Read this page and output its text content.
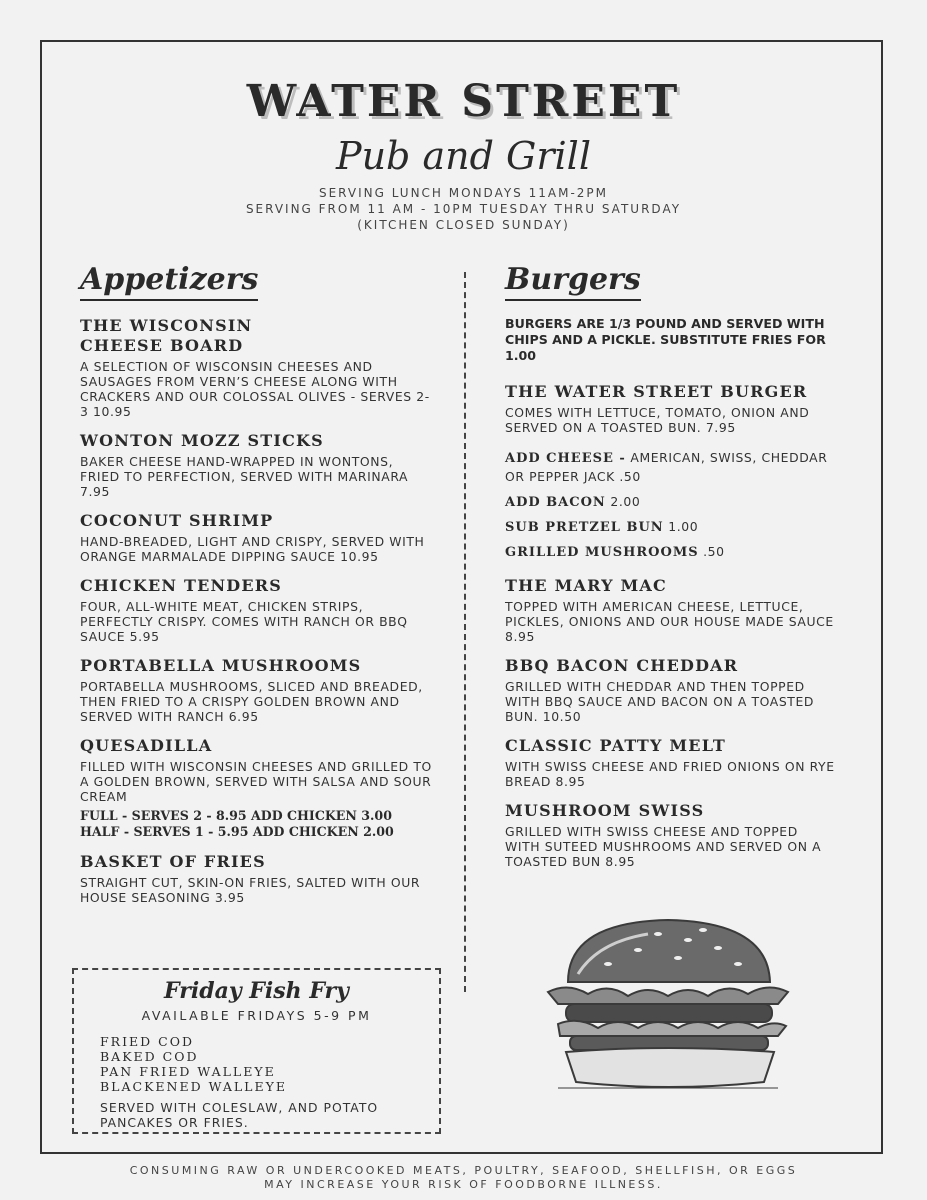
WATER STREET
Pub and Grill
SERVING LUNCH MONDAYS 11AM-2PM
SERVING FROM 11 AM - 10PM TUESDAY THRU SATURDAY
(KITCHEN CLOSED SUNDAY)
Appetizers
THE WISCONSIN
CHEESE BOARD
A SELECTION OF WISCONSIN CHEESES AND SAUSAGES FROM VERN’S CHEESE ALONG WITH CRACKERS AND OUR COLOSSAL OLIVES - SERVES 2-3 10.95
WONTON MOZZ STICKS
BAKER CHEESE HAND-WRAPPED IN WONTONS, FRIED TO PERFECTION, SERVED WITH MARINARA 7.95
COCONUT SHRIMP
HAND-BREADED, LIGHT AND CRISPY, SERVED WITH ORANGE MARMALADE DIPPING SAUCE 10.95
CHICKEN TENDERS
FOUR, ALL-WHITE MEAT, CHICKEN STRIPS, PERFECTLY CRISPY. COMES WITH RANCH OR BBQ SAUCE 5.95
PORTABELLA MUSHROOMS
PORTABELLA MUSHROOMS, SLICED AND BREADED, THEN FRIED TO A CRISPY GOLDEN BROWN AND SERVED WITH RANCH 6.95
QUESADILLA
FILLED WITH WISCONSIN CHEESES AND GRILLED TO A GOLDEN BROWN, SERVED WITH SALSA AND SOUR CREAM
FULL - SERVES 2 - 8.95 ADD CHICKEN 3.00
HALF - SERVES 1 - 5.95 ADD CHICKEN 2.00
BASKET OF FRIES
STRAIGHT CUT, SKIN-ON FRIES, SALTED WITH OUR HOUSE SEASONING 3.95
Burgers
BURGERS ARE 1/3 POUND AND SERVED WITH CHIPS AND A PICKLE. SUBSTITUTE FRIES FOR 1.00
THE WATER STREET BURGER
COMES WITH LETTUCE, TOMATO, ONION AND SERVED ON A TOASTED BUN. 7.95
ADD CHEESE - AMERICAN, SWISS, CHEDDAR OR PEPPER JACK .50
ADD BACON 2.00
SUB PRETZEL BUN 1.00
GRILLED MUSHROOMS .50
THE MARY MAC
TOPPED WITH AMERICAN CHEESE, LETTUCE, PICKLES, ONIONS AND OUR HOUSE MADE SAUCE 8.95
BBQ BACON CHEDDAR
GRILLED WITH CHEDDAR AND THEN TOPPED WITH BBQ SAUCE AND BACON ON A TOASTED BUN. 10.50
CLASSIC PATTY MELT
WITH SWISS CHEESE AND FRIED ONIONS ON RYE BREAD 8.95
MUSHROOM SWISS
GRILLED WITH SWISS CHEESE AND TOPPED WITH SUTEED MUSHROOMS AND SERVED ON A TOASTED BUN 8.95
Friday Fish Fry
AVAILABLE FRIDAYS 5-9 PM
FRIED COD
BAKED COD
PAN FRIED WALLEYE
BLACKENED WALLEYE
SERVED WITH COLESLAW, AND POTATO PANCAKES OR FRIES.
CONSUMING RAW OR UNDERCOOKED MEATS, POULTRY, SEAFOOD, SHELLFISH, OR EGGS
MAY INCREASE YOUR RISK OF FOODBORNE ILLNESS.
